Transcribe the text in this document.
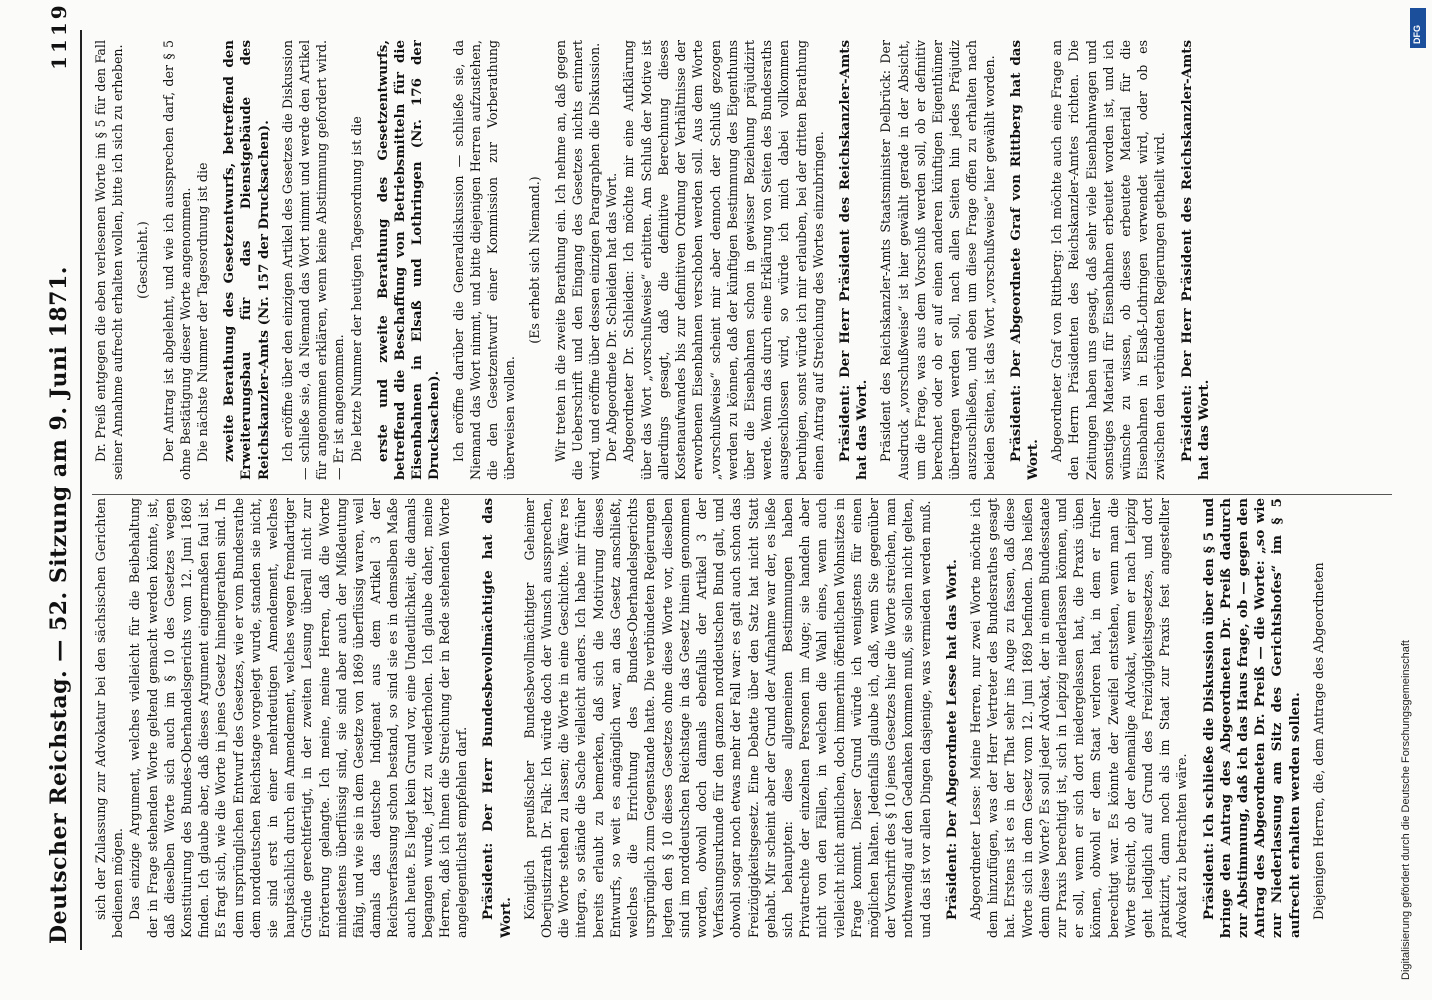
Deutscher Reichstag. — 52. Sitzung am 9. Juni 1871.
1119

sich der Zulassung zur Advokatur bei den sächsischen Gerichten bedienen mögen. Das einzige Argument, welches vielleicht für die Beibehaltung der in Frage stehenden Worte geltend gemacht werden könnte, ist, daß dieselben Worte sich auch im § 10 des Gesetzes wegen Konstituirung des Bundes-Oberhandelsgerichts vom 12. Juni 1869 finden. Ich glaube aber, daß dieses Argument eingermaßen faul ist. Es fragt sich, wie die Worte in jenes Gesetz hineingerathen sind. In dem ursprünglichen Entwurf des Gesetzes, wie er vom Bundesrathe dem norddeutschen Reichstage vorgelegt wurde, standen sie nicht, sie sind erst in einer mehrdeutigen Amendement, welches hauptsächlich durch ein Amendement, welches wegen fremdartiger Gründe gerechtfertigt, in der zweiten Lesung überall nicht zur Erörterung gelangte. Ich meine, meine Herren, daß die Worte mindestens überflüssig sind, sie sind aber auch der Mißdeutung fähig, und wie sie in dem Gesetze von 1869 überflüssig waren, weil damals das deutsche Indigenat aus dem Artikel 3 der Reichsverfassung schon bestand, so sind sie es in demselben Maße auch heute. Es liegt kein Grund vor, eine Undeutlichkeit, die damals begangen wurde, jetzt zu wiederholen. Ich glaube daher, meine Herren, daß ich Ihnen die Streichung der in Rede stehenden Worte angelegentlichst empfehlen darf. Präsident: Der Herr Bundesbevollmächtigte hat das Wort. Königlich preußischer Bundesbevollmächtigter Geheimer Oberjustizrath Dr. Falk: Ich würde doch der Wunsch aussprechen, die Worte stehen zu lassen; die Worte in eine Geschichte. Wäre res integra, so stände die Sache vielleicht anders. Ich habe mir früher bereits erlaubt zu bemerken, daß sich die Motivirung dieses Entwurfs, so weit es angänglich war, an das Gesetz anschließt, welches die Errichtung des Bundes-Oberhandelsgerichts ursprünglich zum Gegenstande hatte. Die verbündeten Regierungen legten den § 10 dieses Gesetzes ohne diese Worte vor, dieselben sind im norddeutschen Reichstage in das Gesetz hinein genommen worden, obwohl doch damals ebenfalls der Artikel 3 der Verfassungsurkunde für den ganzen norddeutschen Bund galt, und obwohl sogar noch etwas mehr der Fall war: es galt auch schon das Freizügigkeitsgesetz. Eine Debatte über den Satz hat nicht Statt gehabt. Mir scheint aber der Grund der Aufnahme war der, es ließe sich behaupten: diese allgemeinen Bestimmungen haben Privatrechte der einzelnen Personen im Auge; sie handeln aber nicht von den Fällen, in welchen die Wahl eines, wenn auch vielleicht nicht amtlichen, doch immerhin öffentlichen Wohnsitzes in Frage kommt. Dieser Grund würde ich wenigstens für einen möglichen halten. Jedenfalls glaube ich, daß, wenn Sie gegenüber der Vorschrift des § 10 jenes Gesetzes hier die Worte streichen, man nothwendig auf den Gedanken kommen muß, sie sollen nicht gelten, und das ist vor allen Dingen dasjenige, was vermieden werden muß. Präsident: Der Abgeordnete Lesse hat das Wort. Abgeordneter Lesse: Meine Herren, nur zwei Worte möchte ich dem hinzufügen, was der Herr Vertreter des Bundesrathes gesagt hat. Erstens ist es in der That sehr ins Auge zu fassen, daß diese Worte sich in dem Gesetz vom 12. Juni 1869 befinden. Das heißen denn diese Worte? Es soll jeder Advokat, der in einem Bundesstaate zur Praxis berechtigt ist, sich in Leipzig niederlassen können, und er soll, wenn er sich dort niedergelassen hat, die Praxis üben können, obwohl er dem Staat verloren hat, in dem er früher berechtigt war. Es könnte der Zweifel entstehen, wenn man die Worte streicht, ob der ehemalige Advokat, wenn er nach Leipzig geht lediglich auf Grund des Freizügigkeitsgesetzes, und dort praktizirt, dann noch als im Staat zur Praxis fest angestellter Advokat zu betrachten wäre. Präsident: Ich schließe die Diskussion über den § 5 und bringe den Antrag des Abgeordneten Dr. Preiß dadurch zur Abstimmung, daß ich das Haus frage, ob — gegen den Antrag des Abgeordneten Dr. Preiß — die Worte: „so wie zur Niederlassung am Sitz des Gerichtshofes“ im § 5 aufrecht erhalten werden sollen. Diejenigen Herren, die, dem Antrage des Abgeordneten

Dr. Preiß entgegen die eben verlesenen Worte im § 5 für den Fall seiner Annahme aufrecht erhalten wollen, bitte ich sich zu erheben. (Geschieht.) Der Antrag ist abgelehnt, und wie ich aussprechen darf, der § 5 ohne Bestätigung dieser Worte angenommen. Die nächste Nummer der Tagesordnung ist die zweite Berathung des Gesetzentwurfs, betreffend den Erweiterungsbau für das Dienstgebäude des Reichskanzler-Amts (Nr. 157 der Drucksachen). Ich eröffne über den einzigen Artikel des Gesetzes die Diskussion — schließe sie, da Niemand das Wort nimmt und werde den Artikel für angenommen erklären, wenn keine Abstimmung gefordert wird. — Er ist angenommen. Die letzte Nummer der heutigen Tagesordnung ist die erste und zweite Berathung des Gesetzentwurfs, betreffend die Beschaffung von Betriebsmitteln für die Eisenbahnen in Elsaß und Lothringen (Nr. 176 der Drucksachen). Ich eröffne darüber die Generaldiskussion — schließe sie, da Niemand das Wort nimmt, und bitte diejenigen Herren aufzustehen, die den Gesetzentwurf einer Kommission zur Vorberathung überweisen wollen.

(Es erhebt sich Niemand.) Wir treten in die zweite Berathung ein. Ich nehme an, daß gegen die Ueberschrift und den Eingang des Gesetzes nichts erinnert wird, und eröffne über dessen einzigen Paragraphen die Diskussion. Der Abgeordnete Dr. Schleiden hat das Wort. Abgeordneter Dr. Schleiden: Ich möchte mir eine Aufklärung über das Wort „vorschußweise“ erbitten. Am Schluß der Motive ist allerdings gesagt, daß die definitive Berechnung dieses Kostenaufwandes bis zur definitiven Ordnung der Verhältnisse der erworbenen Eisenbahnen verschoben werden soll. Aus dem Worte „vorschußweise“ scheint mir aber dennoch der Schluß gezogen werden zu können, daß der künftigen Bestimmung des Eigenthums über die Eisenbahnen schon in gewisser Beziehung präjudizirt werde. Wenn das durch eine Erklärung von Seiten des Bundesraths ausgeschlossen wird, so würde ich mich dabei vollkommen beruhigen, sonst würde ich mir erlauben, bei der dritten Berathung einen Antrag auf Streichung des Wortes einzubringen. Präsident: Der Herr Präsident des Reichskanzler-Amts hat das Wort. Präsident des Reichskanzler-Amts Staatsminister Delbrück: Der Ausdruck „vorschußweise“ ist hier gewählt gerade in der Absicht, um die Frage, was aus dem Vorschuß werden soll, ob er definitiv berechnet oder ob er auf einen anderen künftigen Eigenthümer übertragen werden soll, nach allen Seiten hin jedes Präjudiz auszuschließen, und eben um diese Frage offen zu erhalten nach beiden Seiten, ist das Wort „vorschußweise“ hier gewählt worden. Präsident: Der Abgeordnete Graf von Rittberg hat das Wort. Abgeordneter Graf von Rittberg: Ich möchte auch eine Frage an den Herrn Präsidenten des Reichskanzler-Amtes richten. Die Zeitungen haben uns gesagt, daß sehr viele Eisenbahnwagen und sonstiges Material für Eisenbahnen erbeutet worden ist, und ich wünsche zu wissen, ob dieses erbeutete Material für die Eisenbahnen in Elsaß-Lothringen verwendet wird, oder ob es zwischen den verbündeten Regierungen getheilt wird. Präsident: Der Herr Präsident des Reichskanzler-Amts hat das Wort.

Digitalisierung gefördert durch die Deutsche Forschungsgemeinschaft
DFG
